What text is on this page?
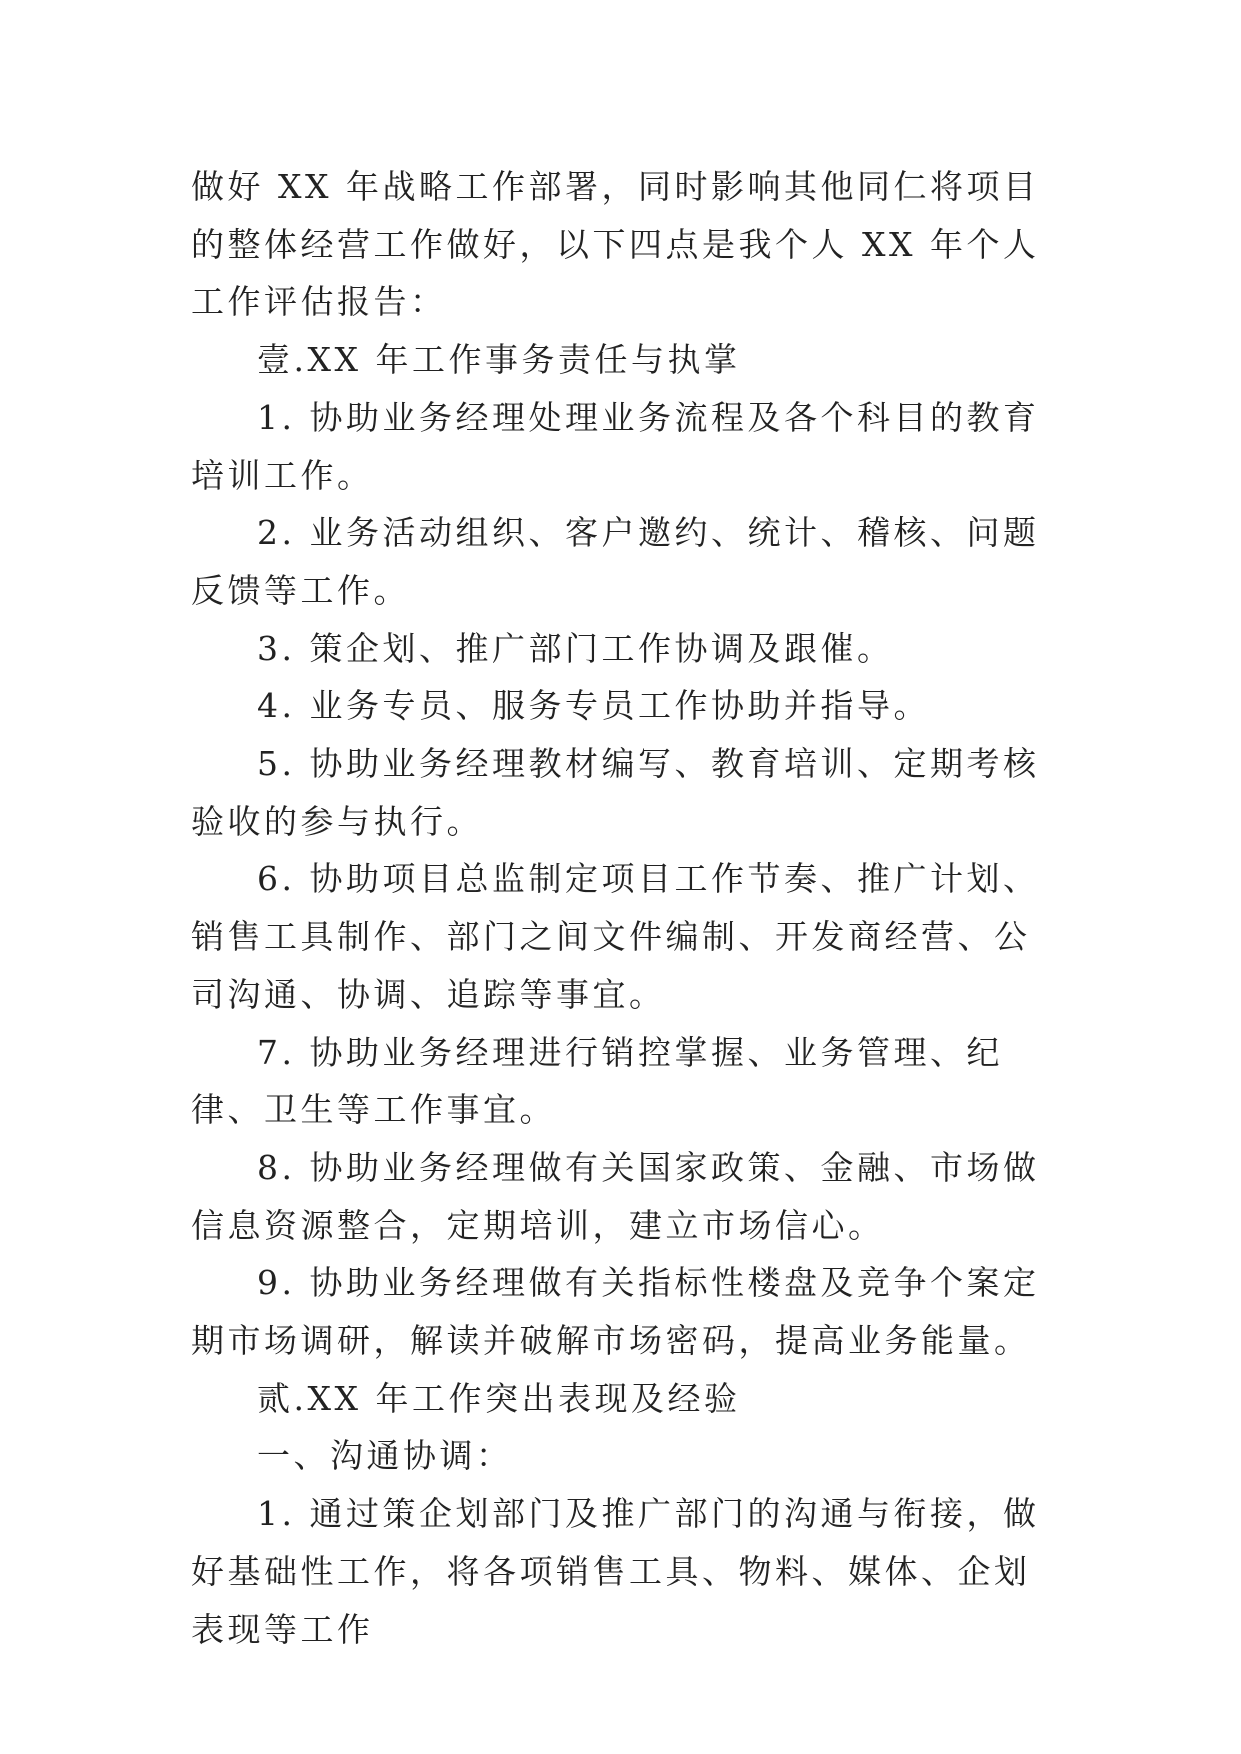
做好 XX 年战略工作部署，同时影响其他同仁将项目的整体经营工作做好，以下四点是我个人 XX 年个人工作评估报告：

壹.XX 年工作事务责任与执掌

1. 协助业务经理处理业务流程及各个科目的教育培训工作。

2. 业务活动组织、客户邀约、统计、稽核、问题反馈等工作。

3. 策企划、推广部门工作协调及跟催。

4. 业务专员、服务专员工作协助并指导。

5. 协助业务经理教材编写、教育培训、定期考核验收的参与执行。

6. 协助项目总监制定项目工作节奏、推广计划、销售工具制作、部门之间文件编制、开发商经营、公司沟通、协调、追踪等事宜。

7. 协助业务经理进行销控掌握、业务管理、纪律、卫生等工作事宜。

8. 协助业务经理做有关国家政策、金融、市场做信息资源整合，定期培训，建立市场信心。

9. 协助业务经理做有关指标性楼盘及竞争个案定期市场调研，解读并破解市场密码，提高业务能量。

贰.XX 年工作突出表现及经验

一、沟通协调：

1. 通过策企划部门及推广部门的沟通与衔接，做好基础性工作，将各项销售工具、物料、媒体、企划表现等工作
